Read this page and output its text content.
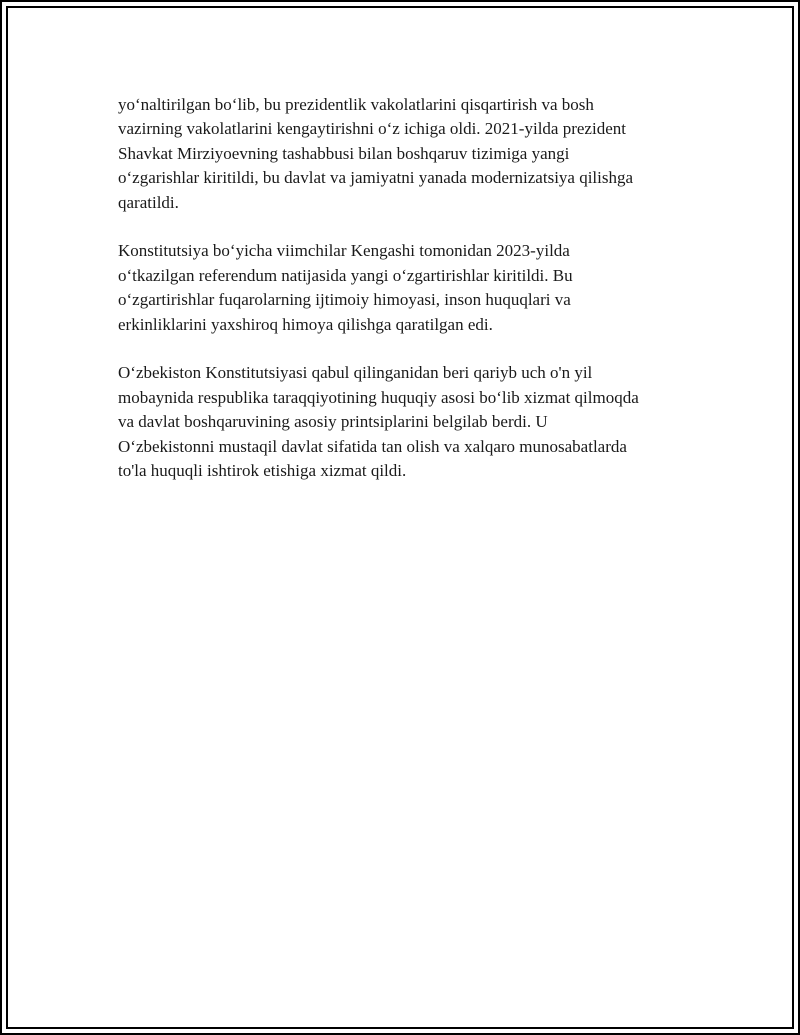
yo‘naltirilgan bo‘lib, bu prezidentlik vakolatlarini qisqartirish va bosh
vazirning vakolatlarini kengaytirishni o‘z ichiga oldi. 2021-yilda prezident
Shavkat Mirziyoevning tashabbusi bilan boshqaruv tizimiga yangi
o‘zgarishlar kiritildi, bu davlat va jamiyatni yanada modernizatsiya qilishga
qaratildi.

Konstitutsiya bo‘yicha viimchilar Kengashi tomonidan 2023-yilda
o‘tkazilgan referendum natijasida yangi o‘zgartirishlar kiritildi. Bu
o‘zgartirishlar fuqarolarning ijtimoiy himoyasi, inson huquqlari va
erkinliklarini yaxshiroq himoya qilishga qaratilgan edi.

O‘zbekiston Konstitutsiyasi qabul qilinganidan beri qariyb uch o'n yil
mobaynida respublika taraqqiyotining huquqiy asosi bo‘lib xizmat qilmoqda
va davlat boshqaruvining asosiy printsiplarini belgilab berdi. U
O‘zbekistonni mustaqil davlat sifatida tan olish va xalqaro munosabatlarda
to'la huquqli ishtirok etishiga xizmat qildi.
